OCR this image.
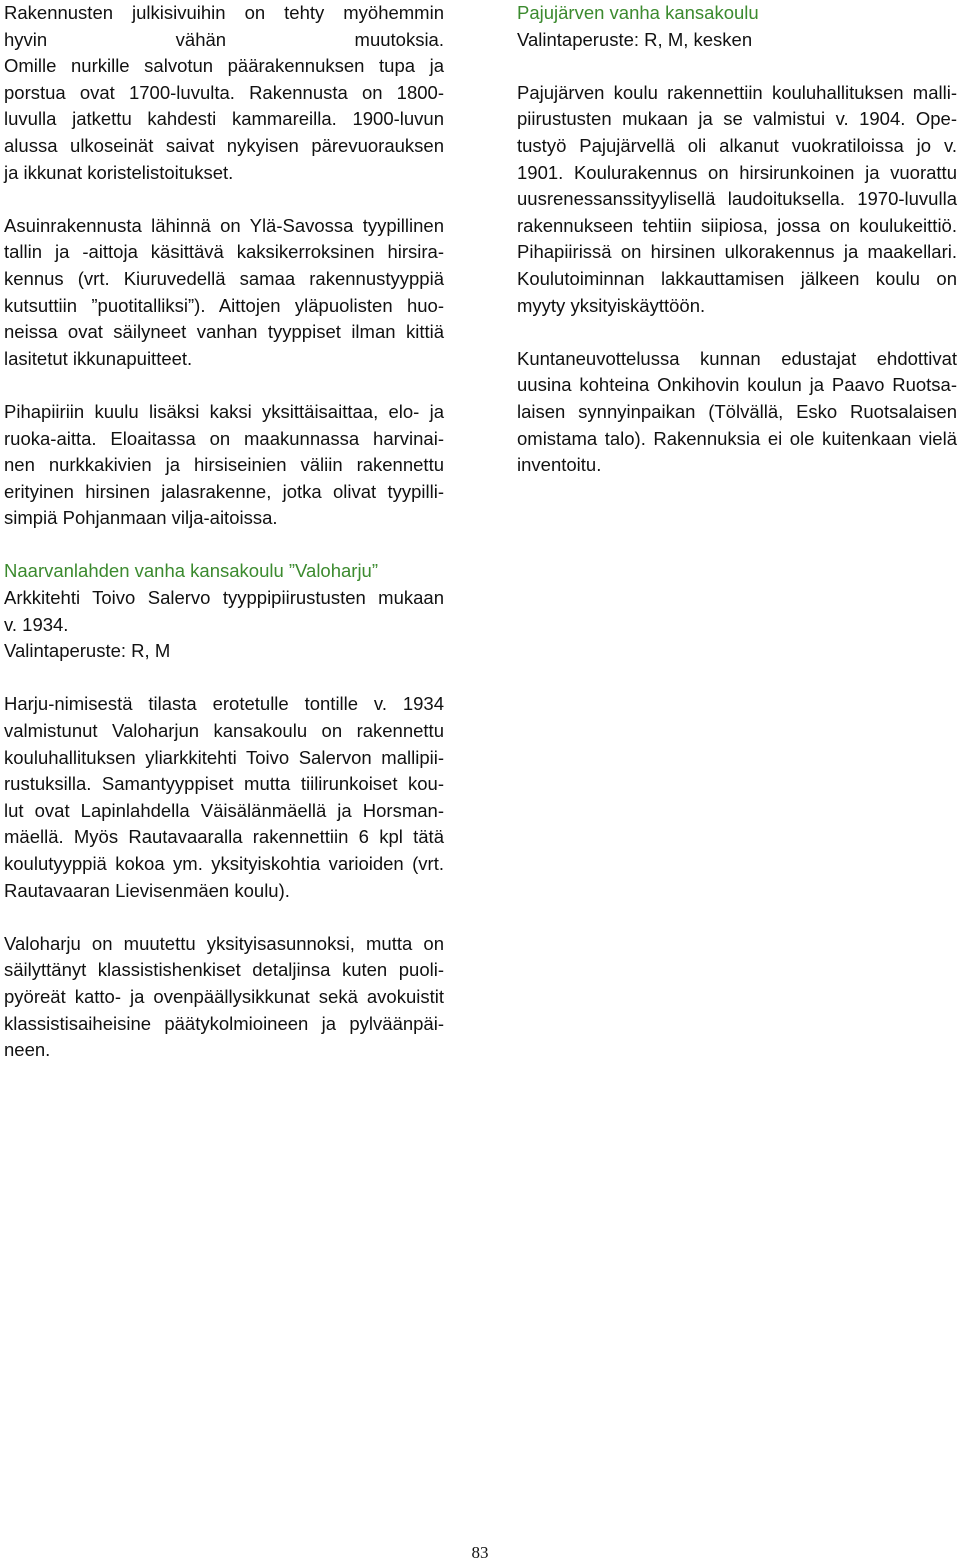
Rakennusten julkisivuihin on tehty myöhemmin
hyvin vähän muutoksia.
Omille nurkille salvotun päärakennuksen tupa ja
porstua ovat 1700-luvulta. Rakennusta on 1800-
luvulla jatkettu kahdesti kammareilla. 1900-luvun
alussa ulkoseinät saivat nykyisen pärevuorauksen
ja ikkunat koristelistoitukset.

Asuinrakennusta lähinnä on Ylä-Savossa tyypillinen
tallin ja -aittoja käsittävä kaksikerroksinen hirsira-
kennus (vrt. Kiuruvedellä samaa rakennustyyppiä
kutsuttiin ”puotitalliksi”). Aittojen yläpuolisten huo-
neissa ovat säilyneet vanhan tyyppiset ilman kittiä
lasitetut ikkunapuitteet.

Pihapiiriin kuulu lisäksi kaksi yksittäisaittaa, elo- ja
ruoka-aitta. Eloaitassa on maakunnassa harvinai-
nen nurkkakivien ja hirsiseinien väliin rakennettu
erityinen hirsinen jalasrakenne, jotka olivat tyypilli-
simpiä Pohjanmaan vilja-aitoissa.

Naarvanlahden vanha kansakoulu ”Valoharju”
Arkkitehti Toivo Salervo tyyppipiirustusten mukaan
v. 1934.
Valintaperuste: R, M

Harju-nimisestä tilasta erotetulle tontille v. 1934
valmistunut Valoharjun kansakoulu on rakennettu
kouluhallituksen yliarkkitehti Toivo Salervon mallipii-
rustuksilla. Samantyyppiset mutta tiilirunkoiset kou-
lut ovat Lapinlahdella Väisälänmäellä ja Horsman-
mäellä. Myös Rautavaaralla rakennettiin 6 kpl tätä
koulutyyppiä kokoa ym. yksityiskohtia varioiden (vrt.
Rautavaaran Lievisenmäen koulu).

Valoharju on muutettu yksityisasunnoksi, mutta on
säilyttänyt klassistishenkiset detaljinsa kuten puoli-
pyöreät katto- ja ovenpäällysikkunat sekä avokuistit
klassistisaiheisine päätykolmioineen ja pylväänpäi-
neen.

Pajujärven vanha kansakoulu
Valintaperuste: R, M, kesken

Pajujärven koulu rakennettiin kouluhallituksen malli-
piirustusten mukaan ja se valmistui v. 1904. Ope-
tustyö Pajujärvellä oli alkanut vuokratiloissa jo v.
1901. Koulurakennus on hirsirunkoinen ja vuorattu
uusrenessanssityylisellä laudoituksella. 1970-luvulla
rakennukseen tehtiin siipiosa, jossa on koulukeittiö.
Pihapiirissä on hirsinen ulkorakennus ja maakellari.
Koulutoiminnan lakkauttamisen jälkeen koulu on
myyty yksityiskäyttöön.

Kuntaneuvottelussa kunnan edustajat ehdottivat
uusina kohteina Onkihovin koulun ja Paavo Ruotsa-
laisen synnyinpaikan (Tölvällä, Esko Ruotsalaisen
omistama talo). Rakennuksia ei ole kuitenkaan vielä
inventoitu.

83
